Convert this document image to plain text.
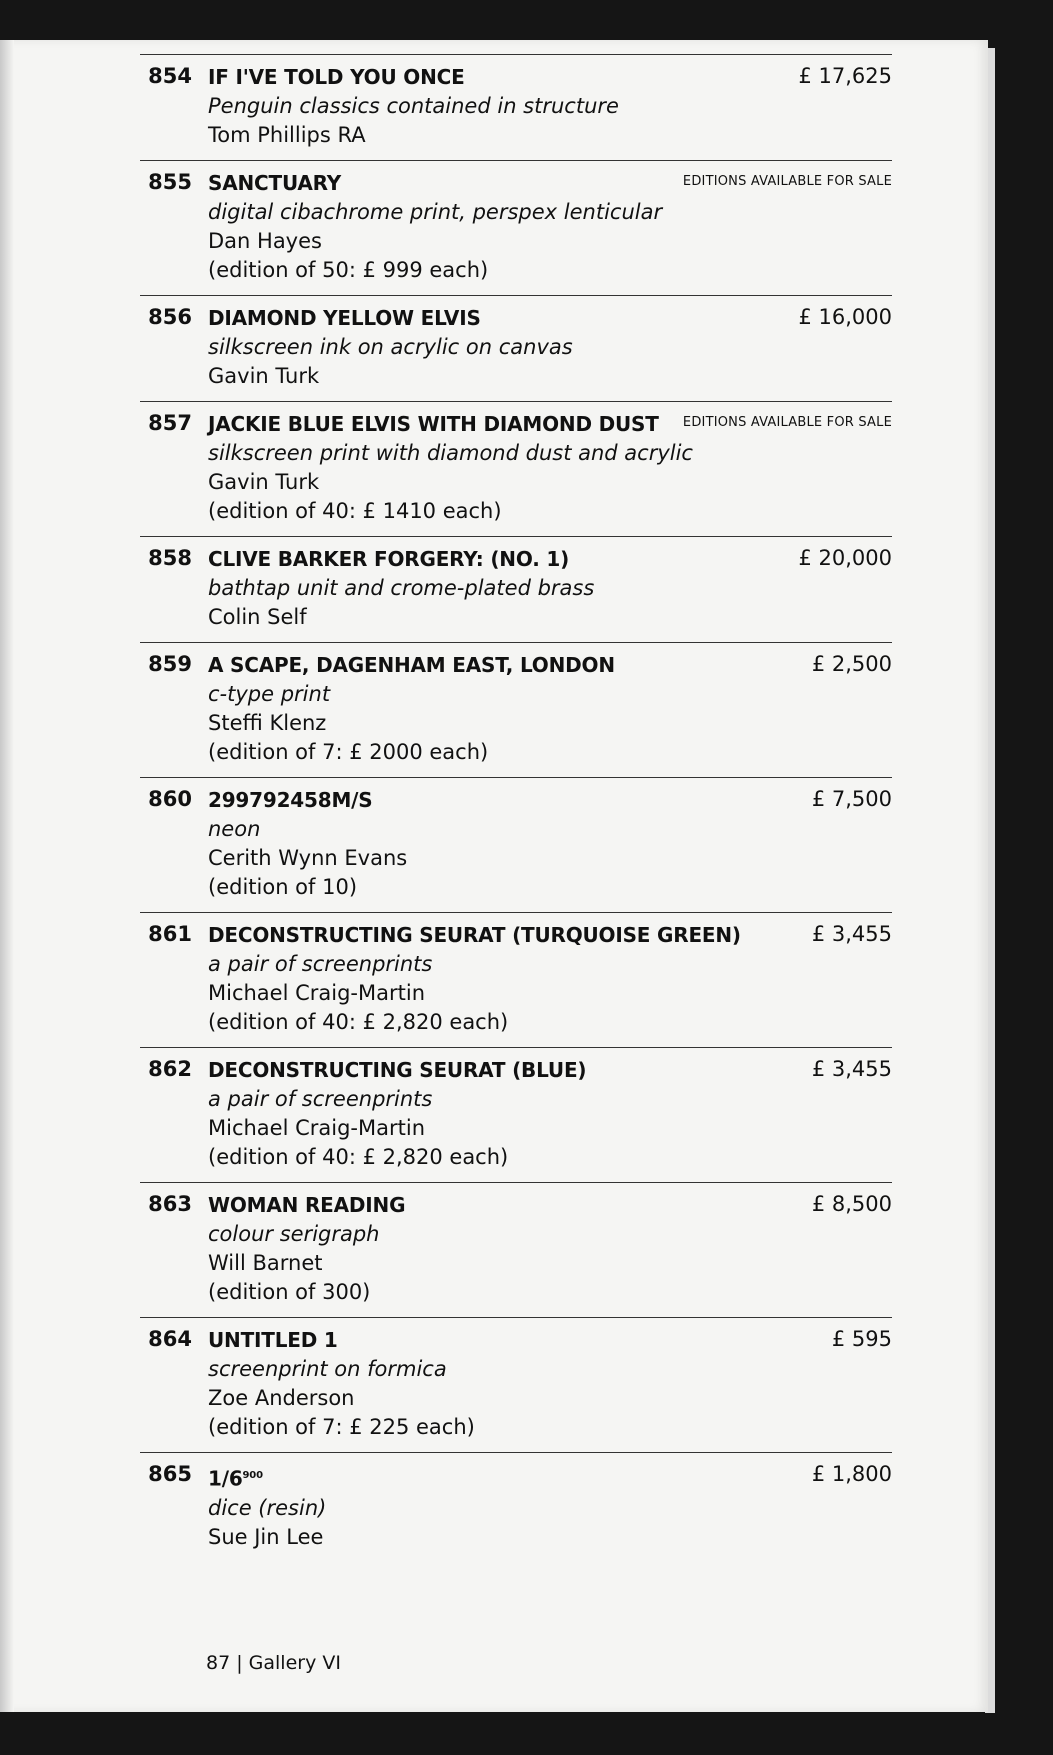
854	£ 17,625
IF I'VE TOLD YOU ONCE
Penguin classics contained in structure
Tom Phillips RA
855	EDITIONS AVAILABLE FOR SALE
SANCTUARY
digital cibachrome print, perspex lenticular
Dan Hayes
(edition of 50: £ 999 each)
856	£ 16,000
DIAMOND YELLOW ELVIS
silkscreen ink on acrylic on canvas
Gavin Turk
857	EDITIONS AVAILABLE FOR SALE
JACKIE BLUE ELVIS WITH DIAMOND DUST
silkscreen print with diamond dust and acrylic
Gavin Turk
(edition of 40: £ 1410 each)
858	£ 20,000
CLIVE BARKER FORGERY: (NO. 1)
bathtap unit and crome-plated brass
Colin Self
859	£ 2,500
A SCAPE, DAGENHAM EAST, LONDON
c-type print
Steffi Klenz
(edition of 7: £ 2000 each)
860	£ 7,500
299792458M/S
neon
Cerith Wynn Evans
(edition of 10)
861	£ 3,455
DECONSTRUCTING SEURAT (TURQUOISE GREEN)
a pair of screenprints
Michael Craig-Martin
(edition of 40: £ 2,820 each)
862	£ 3,455
DECONSTRUCTING SEURAT (BLUE)
a pair of screenprints
Michael Craig-Martin
(edition of 40: £ 2,820 each)
863	£ 8,500
WOMAN READING
colour serigraph
Will Barnet
(edition of 300)
864	£ 595
UNTITLED 1
screenprint on formica
Zoe Anderson
(edition of 7: £ 225 each)
865	£ 1,800
$1/6^{900}$
dice (resin)
Sue Jin Lee
87 | Gallery VI
